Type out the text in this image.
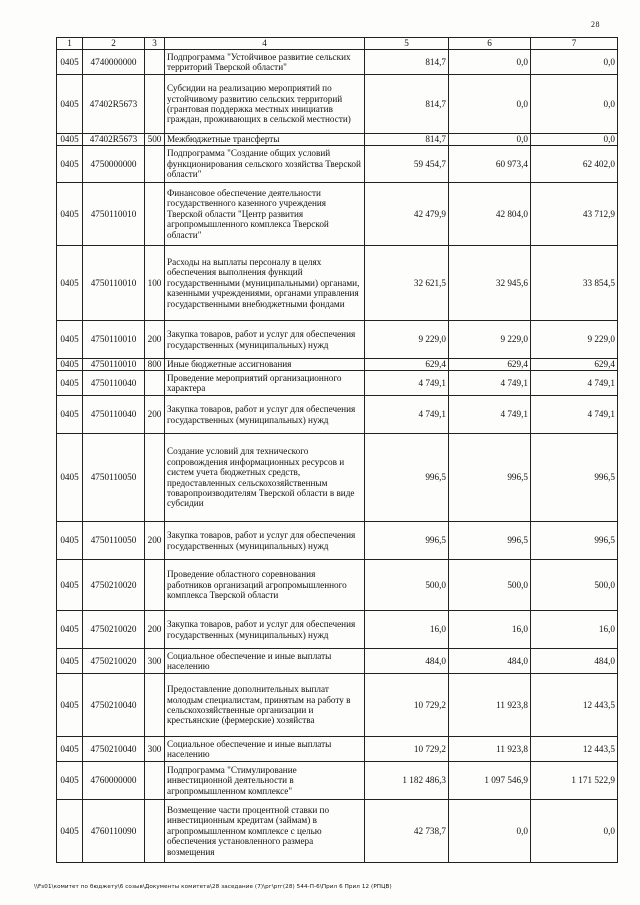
28
1	2	3	4	5	6	7
0405	4740000000		Подпрограмма "Устойчивое развитие сельских территорий Тверской области"	814,7	0,0	0,0
0405	47402R5673		Субсидии на реализацию мероприятий по устойчивому развитию сельских территорий (грантовая поддержка местных инициатив граждан, проживающих в сельской местности)	814,7	0,0	0,0
0405	47402R5673	500	Межбюджетные трансферты	814,7	0,0	0,0
0405	4750000000		Подпрограмма "Создание общих условий функционирования сельского хозяйства Тверской области"	59 454,7	60 973,4	62 402,0
0405	4750110010		Финансовое обеспечение деятельности государственного казенного учреждения Тверской области "Центр развития агропромышленного комплекса Тверской области"	42 479,9	42 804,0	43 712,9
0405	4750110010	100	Расходы на выплаты персоналу в целях обеспечения выполнения функций государственными (муниципальными) органами, казенными учреждениями, органами управления государственными внебюджетными фондами	32 621,5	32 945,6	33 854,5
0405	4750110010	200	Закупка товаров, работ и услуг для обеспечения государственных (муниципальных) нужд	9 229,0	9 229,0	9 229,0
0405	4750110010	800	Иные бюджетные ассигнования	629,4	629,4	629,4
0405	4750110040		Проведение мероприятий организационного характера	4 749,1	4 749,1	4 749,1
0405	4750110040	200	Закупка товаров, работ и услуг для обеспечения государственных (муниципальных) нужд	4 749,1	4 749,1	4 749,1
0405	4750110050		Создание условий для технического сопровождения информационных ресурсов и систем учета бюджетных средств, предоставленных сельскохозяйственным товаропроизводителям Тверской области в виде субсидии	996,5	996,5	996,5
0405	4750110050	200	Закупка товаров, работ и услуг для обеспечения государственных (муниципальных) нужд	996,5	996,5	996,5
0405	4750210020		Проведение областного соревнования работников организаций агропромышленного комплекса Тверской области	500,0	500,0	500,0
0405	4750210020	200	Закупка товаров, работ и услуг для обеспечения государственных (муниципальных) нужд	16,0	16,0	16,0
0405	4750210020	300	Социальное обеспечение и иные выплаты населению	484,0	484,0	484,0
0405	4750210040		Предоставление дополнительных выплат молодым специалистам, принятым на работу в сельскохозяйственные организации и крестьянские (фермерские) хозяйства	10 729,2	11 923,8	12 443,5
0405	4750210040	300	Социальное обеспечение и иные выплаты населению	10 729,2	11 923,8	12 443,5
0405	4760000000		Подпрограмма "Стимулирование инвестиционной деятельности в агропромышленном комплексе"	1 182 486,3	1 097 546,9	1 171 522,9
0405	4760110090		Возмещение части процентной ставки по инвестиционным кредитам (займам) в агропромышленном комплексе с целью обеспечения установленного размера возмещения	42 738,7	0,0	0,0
\\Fs01\комитет по бюджету\6 созыв\Документы комитета\28 заседание (7)\рг\prг(28) 544-П-6\Прил 6 Прил 12 (РПЦВ)
